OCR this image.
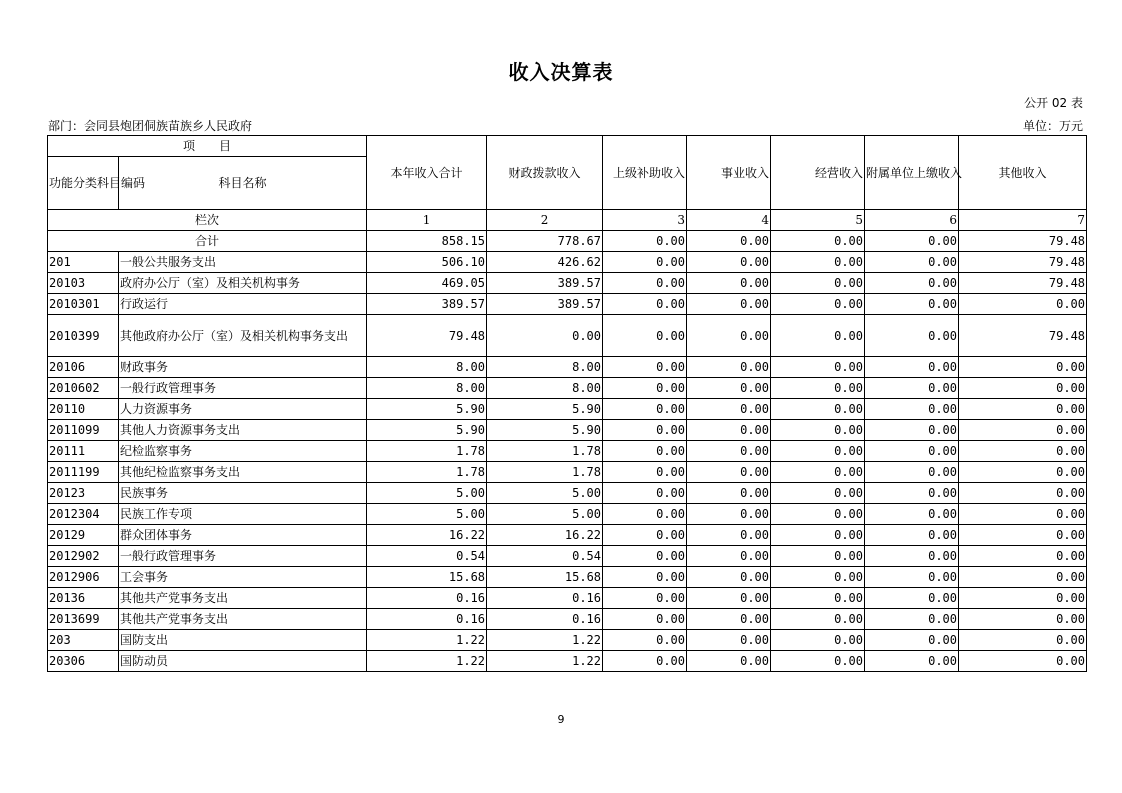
收入决算表
公开 02 表
部门：会同县炮团侗族苗族乡人民政府	单位：万元
项　　目		本年收入合计	财政拨款收入	上级补助收入	事业收入	经营收入	附属单位上缴收入	其他收入
功能分类科目编码	科目名称							
栏次		1	2	3	4	5	6	7
合计		858.15	778.67	0.00	0.00	0.00	0.00	79.48
201	一般公共服务支出	506.10	426.62	0.00	0.00	0.00	0.00	79.48
20103	政府办公厅（室）及相关机构事务	469.05	389.57	0.00	0.00	0.00	0.00	79.48
2010301	行政运行	389.57	389.57	0.00	0.00	0.00	0.00	0.00
2010399	其他政府办公厅（室）及相关机构事务支出	79.48	0.00	0.00	0.00	0.00	0.00	79.48
20106	财政事务	8.00	8.00	0.00	0.00	0.00	0.00	0.00
2010602	一般行政管理事务	8.00	8.00	0.00	0.00	0.00	0.00	0.00
20110	人力资源事务	5.90	5.90	0.00	0.00	0.00	0.00	0.00
2011099	其他人力资源事务支出	5.90	5.90	0.00	0.00	0.00	0.00	0.00
20111	纪检监察事务	1.78	1.78	0.00	0.00	0.00	0.00	0.00
2011199	其他纪检监察事务支出	1.78	1.78	0.00	0.00	0.00	0.00	0.00
20123	民族事务	5.00	5.00	0.00	0.00	0.00	0.00	0.00
2012304	民族工作专项	5.00	5.00	0.00	0.00	0.00	0.00	0.00
20129	群众团体事务	16.22	16.22	0.00	0.00	0.00	0.00	0.00
2012902	一般行政管理事务	0.54	0.54	0.00	0.00	0.00	0.00	0.00
2012906	工会事务	15.68	15.68	0.00	0.00	0.00	0.00	0.00
20136	其他共产党事务支出	0.16	0.16	0.00	0.00	0.00	0.00	0.00
2013699	其他共产党事务支出	0.16	0.16	0.00	0.00	0.00	0.00	0.00
203	国防支出	1.22	1.22	0.00	0.00	0.00	0.00	0.00
20306	国防动员	1.22	1.22	0.00	0.00	0.00	0.00	0.00
9
